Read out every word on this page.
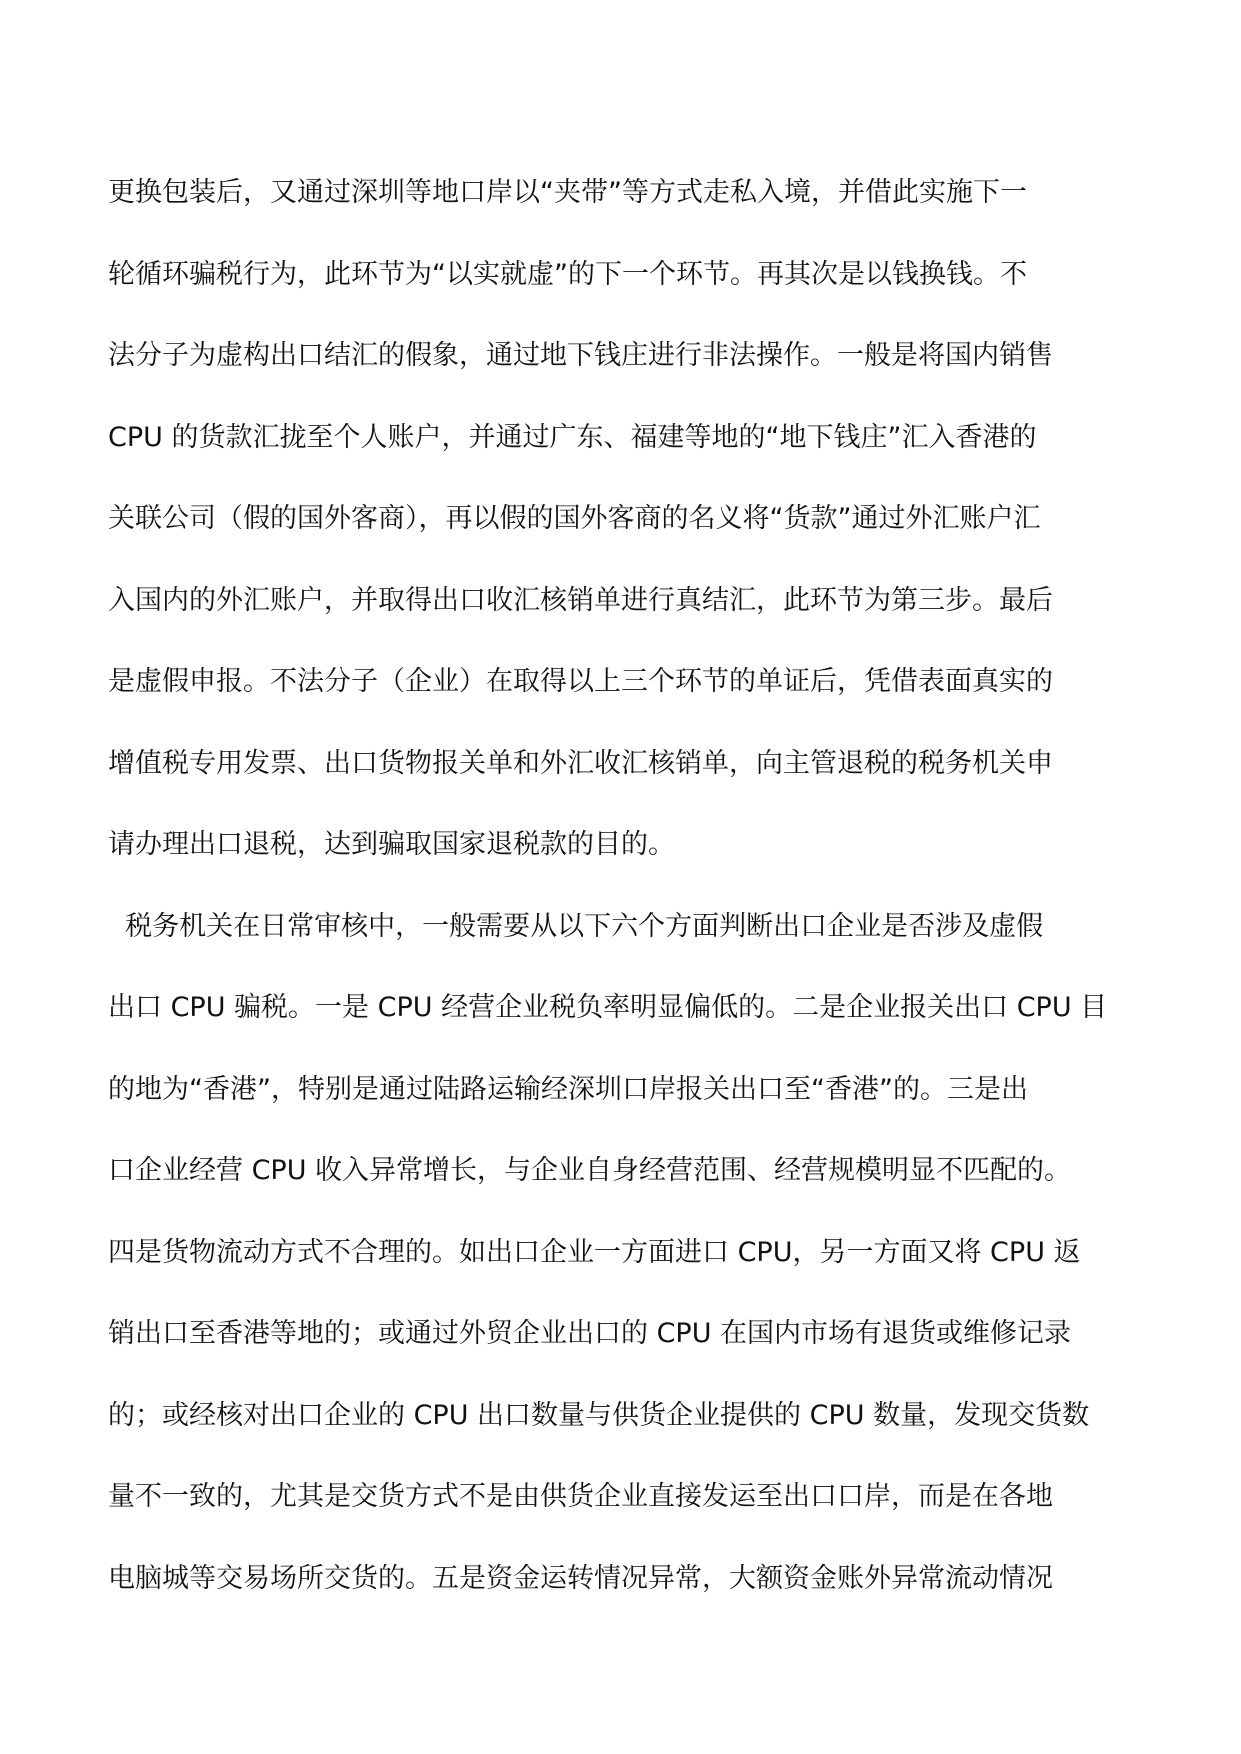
更换包装后，又通过深圳等地口岸以“夹带”等方式走私入境，并借此实施下一
轮循环骗税行为，此环节为“以实就虚”的下一个环节。再其次是以钱换钱。不
法分子为虚构出口结汇的假象，通过地下钱庄进行非法操作。一般是将国内销售
CPU 的货款汇拢至个人账户，并通过广东、福建等地的“地下钱庄”汇入香港的
关联公司（假的国外客商），再以假的国外客商的名义将“货款”通过外汇账户汇
入国内的外汇账户，并取得出口收汇核销单进行真结汇，此环节为第三步。最后
是虚假申报。不法分子（企业）在取得以上三个环节的单证后，凭借表面真实的
增值税专用发票、出口货物报关单和外汇收汇核销单，向主管退税的税务机关申
请办理出口退税，达到骗取国家退税款的目的。
税务机关在日常审核中，一般需要从以下六个方面判断出口企业是否涉及虚假
出口 CPU 骗税。一是 CPU 经营企业税负率明显偏低的。二是企业报关出口 CPU 目
的地为“香港”，特别是通过陆路运输经深圳口岸报关出口至“香港”的。三是出
口企业经营 CPU 收入异常增长，与企业自身经营范围、经营规模明显不匹配的。
四是货物流动方式不合理的。如出口企业一方面进口 CPU，另一方面又将 CPU 返
销出口至香港等地的；或通过外贸企业出口的 CPU 在国内市场有退货或维修记录
的；或经核对出口企业的 CPU 出口数量与供货企业提供的 CPU 数量，发现交货数
量不一致的，尤其是交货方式不是由供货企业直接发运至出口口岸，而是在各地
电脑城等交易场所交货的。五是资金运转情况异常，大额资金账外异常流动情况
